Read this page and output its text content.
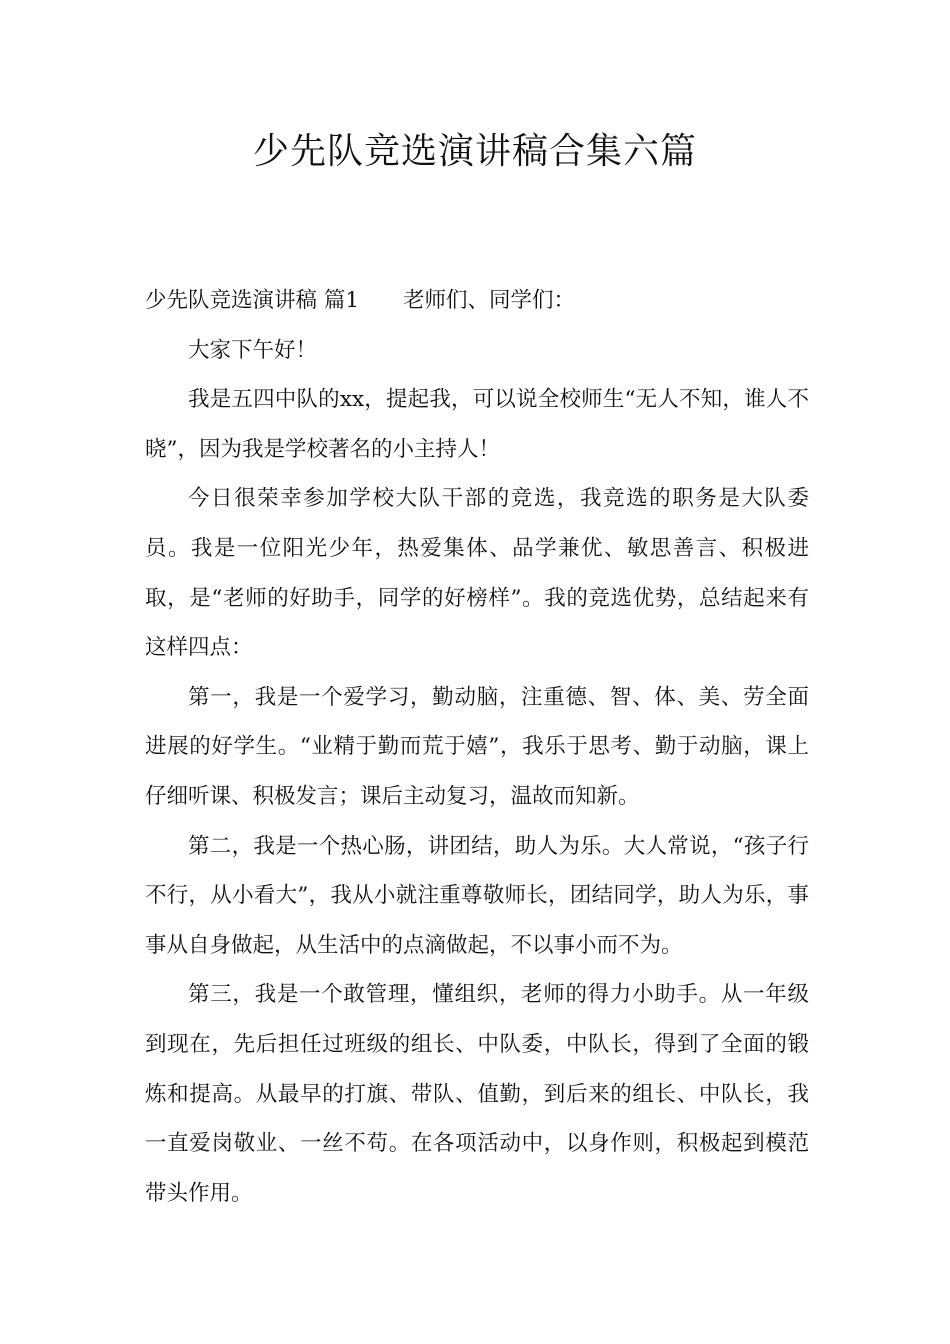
少先队竞选演讲稿合集六篇

少先队竞选演讲稿 篇1 老师们、同学们：

大家下午好！

我是五四中队的xx，提起我，可以说全校师生“无人不知，谁人不晓”，因为我是学校著名的小主持人！

今日很荣幸参加学校大队干部的竞选，我竞选的职务是大队委员。我是一位阳光少年，热爱集体、品学兼优、敏思善言、积极进取，是“老师的好助手，同学的好榜样”。我的竞选优势，总结起来有这样四点：

第一，我是一个爱学习，勤动脑，注重德、智、体、美、劳全面进展的好学生。“业精于勤而荒于嬉”，我乐于思考、勤于动脑，课上仔细听课、积极发言；课后主动复习，温故而知新。

第二，我是一个热心肠，讲团结，助人为乐。大人常说，“孩子行不行，从小看大”，我从小就注重尊敬师长，团结同学，助人为乐，事事从自身做起，从生活中的点滴做起，不以事小而不为。

第三，我是一个敢管理，懂组织，老师的得力小助手。从一年级到现在，先后担任过班级的组长、中队委，中队长，得到了全面的锻炼和提高。从最早的打旗、带队、值勤，到后来的组长、中队长，我一直爱岗敬业、一丝不苟。在各项活动中，以身作则，积极起到模范带头作用。
